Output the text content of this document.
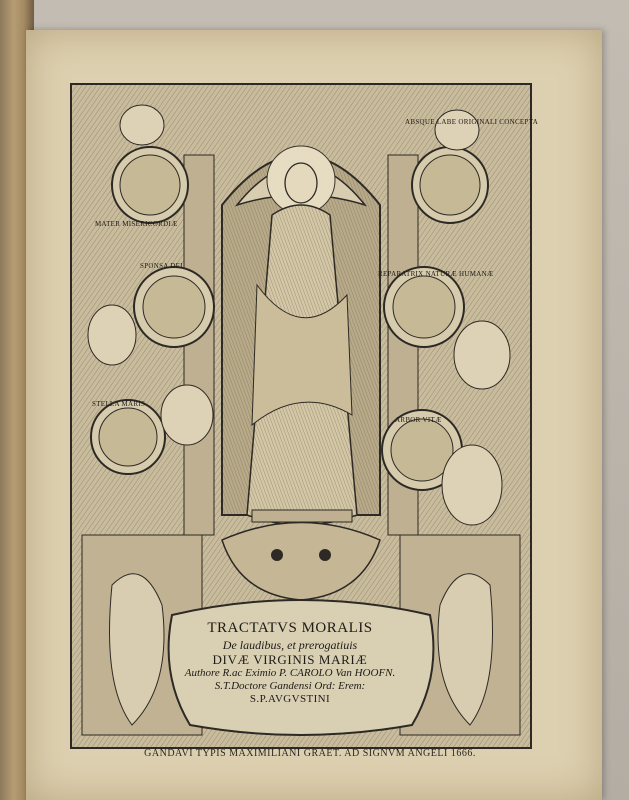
MATER MISERICORDIÆ
ABSQUE LABE ORIGINALI CONCEPTA
SPONSA DEI
REPARATRIX NATURÆ HUMANÆ
STELLA MARIS
ARBOR VITÆ
TRACTATVS MORALIS
De laudibus, et prerogatiuis
DIVÆ VIRGINIS MARIÆ
Authore R.ac Eximio P. CAROLO Van HOOFN.
S.T.Doctore Gandensi Ord: Erem:
S.P.AVGVSTINI
GANDAVI TYPIS MAXIMILIANI GRAET. AD SIGNVM ANGELI 1666.
